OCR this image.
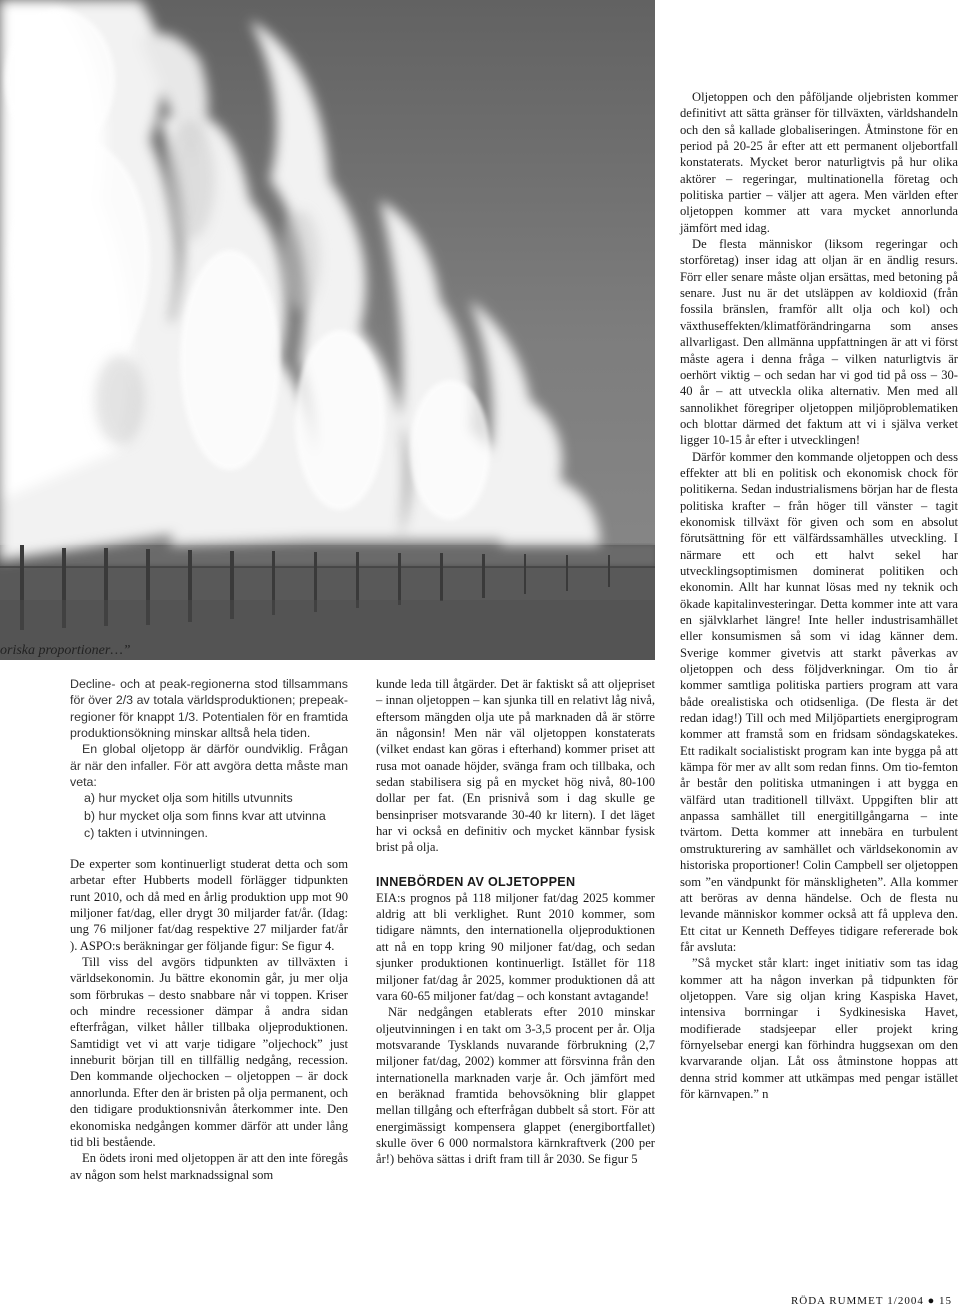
oriska proportioner…”

Decline- och at peak-regionerna stod tillsammans för över 2/3 av totala världsproduktionen; prepeak-regioner för knappt 1/3. Potentialen för en framtida produktionsökning minskar alltså hela tiden.

En global oljetopp är därför oundviklig. Frågan är när den infaller. För att avgöra detta måste man veta:

a) hur mycket olja som hitills utvunnits
b) hur mycket olja som finns kvar att utvinna
c) takten i utvinningen.

De experter som kontinuerligt studerat detta och som arbetar efter Hubberts modell förlägger tidpunkten runt 2010, och då med en årlig produktion upp mot 90 miljoner fat/dag, eller drygt 30 miljarder fat/år. (Idag: ung 76 miljoner fat/dag respektive 27 miljarder fat/år ). ASPO:s beräkningar ger följande figur: Se figur 4.

Till viss del avgörs tidpunkten av tillväxten i världsekonomin. Ju bättre ekonomin går, ju mer olja som förbrukas – desto snabbare når vi toppen. Kriser och mindre recessioner dämpar å andra sidan efterfrågan, vilket håller tillbaka oljeproduktionen. Samtidigt vet vi att varje tidigare ”oljechock” just inneburit början till en tillfällig nedgång, recession. Den kommande oljechocken – oljetoppen – är dock annorlunda. Efter den är bristen på olja permanent, och den tidigare produktionsnivån återkommer inte. Den ekonomiska nedgången kommer därför att under lång tid bli bestående.

En ödets ironi med oljetoppen är att den inte föregås av någon som helst marknadssignal som

kunde leda till åtgärder. Det är faktiskt så att oljepriset – innan oljetoppen – kan sjunka till en relativt låg nivå, eftersom mängden olja ute på marknaden då är större än någonsin! Men när väl oljetoppen konstaterats (vilket endast kan göras i efterhand) kommer priset att rusa mot oanade höjder, svänga fram och tillbaka, och sedan stabilisera sig på en mycket hög nivå, 80-100 dollar per fat. (En prisnivå som i dag skulle ge bensinpriser motsvarande 30-40 kr litern). I det läget har vi också en definitiv och mycket kännbar fysisk brist på olja.

INNEBÖRDEN AV OLJETOPPEN

EIA:s prognos på 118 miljoner fat/dag 2025 kommer aldrig att bli verklighet. Runt 2010 kommer, som tidigare nämnts, den internationella oljeproduktionen att nå en topp kring 90 miljoner fat/dag, och sedan sjunker produktionen kontinuerligt. Istället för 118 miljoner fat/dag år 2025, kommer produktionen då att vara 60-65 miljoner fat/dag – och konstant avtagande!

När nedgången etablerats efter 2010 minskar oljeutvinningen i en takt om 3-3,5 procent per år. Olja motsvarande Tysklands nuvarande förbrukning (2,7 miljoner fat/dag, 2002) kommer att försvinna från den internationella marknaden varje år. Och jämfört med en beräknad framtida behovsökning blir glappet mellan tillgång och efterfrågan dubbelt så stort. För att energimässigt kompensera glappet (energibortfallet) skulle över 6 000 normalstora kärnkraftverk (200 per år!) behöva sättas i drift fram till år 2030. Se figur 5

Oljetoppen och den påföljande oljebristen kommer definitivt att sätta gränser för tillväxten, världshandeln och den så kallade globaliseringen. Åtminstone för en period på 20-25 år efter att ett permanent oljebortfall konstaterats. Mycket beror naturligtvis på hur olika aktörer – regeringar, multinationella företag och politiska partier – väljer att agera. Men världen efter oljetoppen kommer att vara mycket annorlunda jämfört med idag.

De flesta människor (liksom regeringar och storföretag) inser idag att oljan är en ändlig resurs. Förr eller senare måste oljan ersättas, med betoning på senare. Just nu är det utsläppen av koldioxid (från fossila bränslen, framför allt olja och kol) och växthuseffekten/klimatförändringarna som anses allvarligast. Den allmänna uppfattningen är att vi först måste agera i denna fråga – vilken naturligtvis är oerhört viktig – och sedan har vi god tid på oss – 30-40 år – att utveckla olika alternativ. Men med all sannolikhet föregriper oljetoppen miljöproblematiken och blottar därmed det faktum att vi i själva verket ligger 10-15 år efter i utvecklingen!

Därför kommer den kommande oljetoppen och dess effekter att bli en politisk och ekonomisk chock för politikerna. Sedan industrialismens början har de flesta politiska krafter – från höger till vänster – tagit ekonomisk tillväxt för given och som en absolut förutsättning för ett välfärdssamhälles utveckling. I närmare ett och ett halvt sekel har utvecklingsoptimismen dominerat politiken och ekonomin. Allt har kunnat lösas med ny teknik och ökade kapitalinvesteringar. Detta kommer inte att vara en självklarhet längre! Inte heller industrisamhället eller konsumismen så som vi idag känner dem. Sverige kommer givetvis att starkt påverkas av oljetoppen och dess följdverkningar. Om tio år kommer samtliga politiska partiers program att vara både orealistiska och otidsenliga. (De flesta är det redan idag!) Till och med Miljöpartiets energiprogram kommer att framstå som en fridsam söndagskatekes. Ett radikalt socialistiskt program kan inte bygga på att kämpa för mer av allt som redan finns. Om tio-femton år består den politiska utmaningen i att bygga en välfärd utan traditionell tillväxt. Uppgiften blir att anpassa samhället till energitillgångarna – inte tvärtom. Detta kommer att innebära en turbulent omstrukturering av samhället och världsekonomin av historiska proportioner! Colin Campbell ser oljetoppen som ”en vändpunkt för mänskligheten”. Alla kommer att beröras av denna händelse. Och de flesta nu levande människor kommer också att få uppleva den. Ett citat ur Kenneth Deffeyes tidigare refererade bok får avsluta:

”Så mycket står klart: inget initiativ som tas idag kommer att ha någon inverkan på tidpunkten för oljetoppen. Vare sig oljan kring Kaspiska Havet, intensiva borrningar i Sydkinesiska Havet, modifierade stadsjeepar eller projekt kring förnyelsebar energi kan förhindra huggsexan om den kvarvarande oljan. Låt oss åtminstone hoppas att denna strid kommer att utkämpas med pengar istället för kärnvapen.” n

RÖDA RUMMET 1/2004 ● 15
